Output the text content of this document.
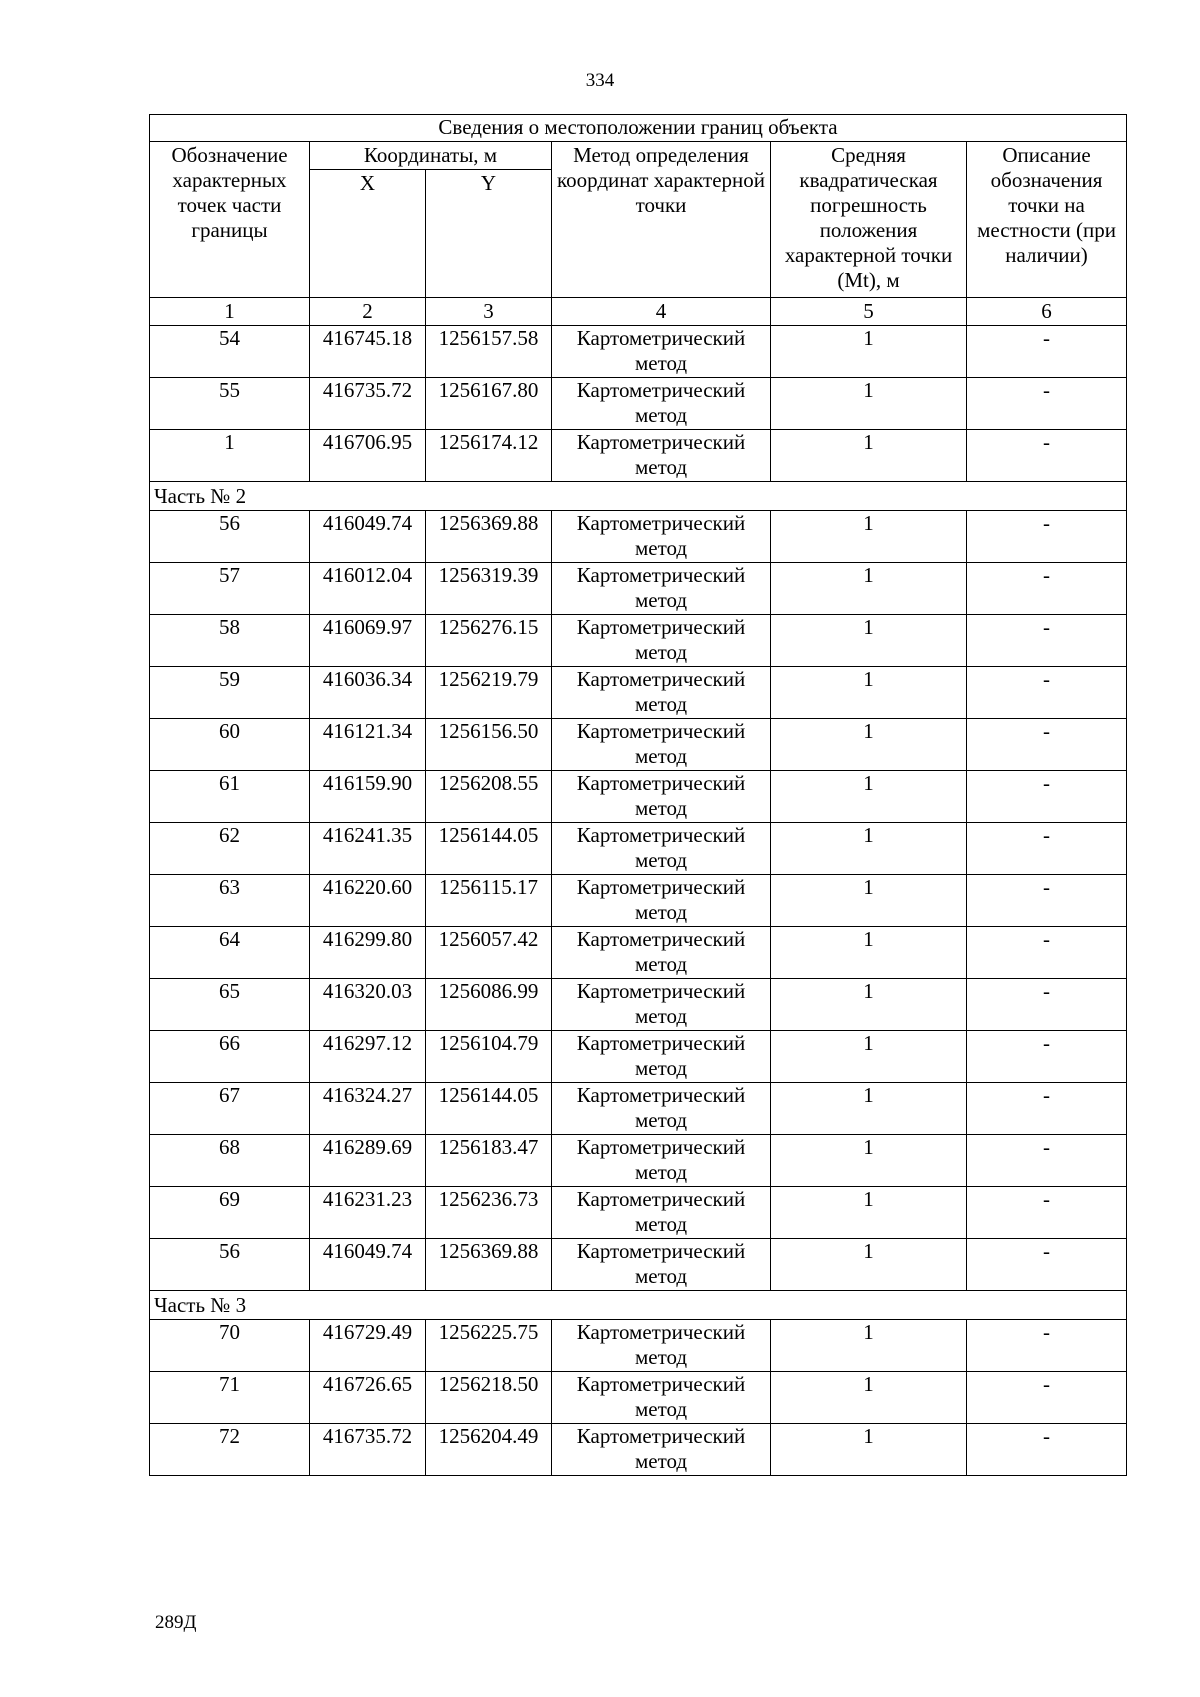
334
Сведения о местоположении границ объекта					
Обозначение характерных точек части границы	Координаты, м		Метод определения координат характерной точки	Средняя квадратическая погрешность положения характерной точки (Mt), м	Описание обозначения точки на местности (при наличии)
	X	Y			
1	2	3	4	5	6
54	416745.18	1256157.58	Картометрический метод	1	-
55	416735.72	1256167.80	Картометрический метод	1	-
1	416706.95	1256174.12	Картометрический метод	1	-
Часть № 2					
56	416049.74	1256369.88	Картометрический метод	1	-
57	416012.04	1256319.39	Картометрический метод	1	-
58	416069.97	1256276.15	Картометрический метод	1	-
59	416036.34	1256219.79	Картометрический метод	1	-
60	416121.34	1256156.50	Картометрический метод	1	-
61	416159.90	1256208.55	Картометрический метод	1	-
62	416241.35	1256144.05	Картометрический метод	1	-
63	416220.60	1256115.17	Картометрический метод	1	-
64	416299.80	1256057.42	Картометрический метод	1	-
65	416320.03	1256086.99	Картометрический метод	1	-
66	416297.12	1256104.79	Картометрический метод	1	-
67	416324.27	1256144.05	Картометрический метод	1	-
68	416289.69	1256183.47	Картометрический метод	1	-
69	416231.23	1256236.73	Картометрический метод	1	-
56	416049.74	1256369.88	Картометрический метод	1	-
Часть № 3					
70	416729.49	1256225.75	Картометрический метод	1	-
71	416726.65	1256218.50	Картометрический метод	1	-
72	416735.72	1256204.49	Картометрический метод	1	-
289Д
